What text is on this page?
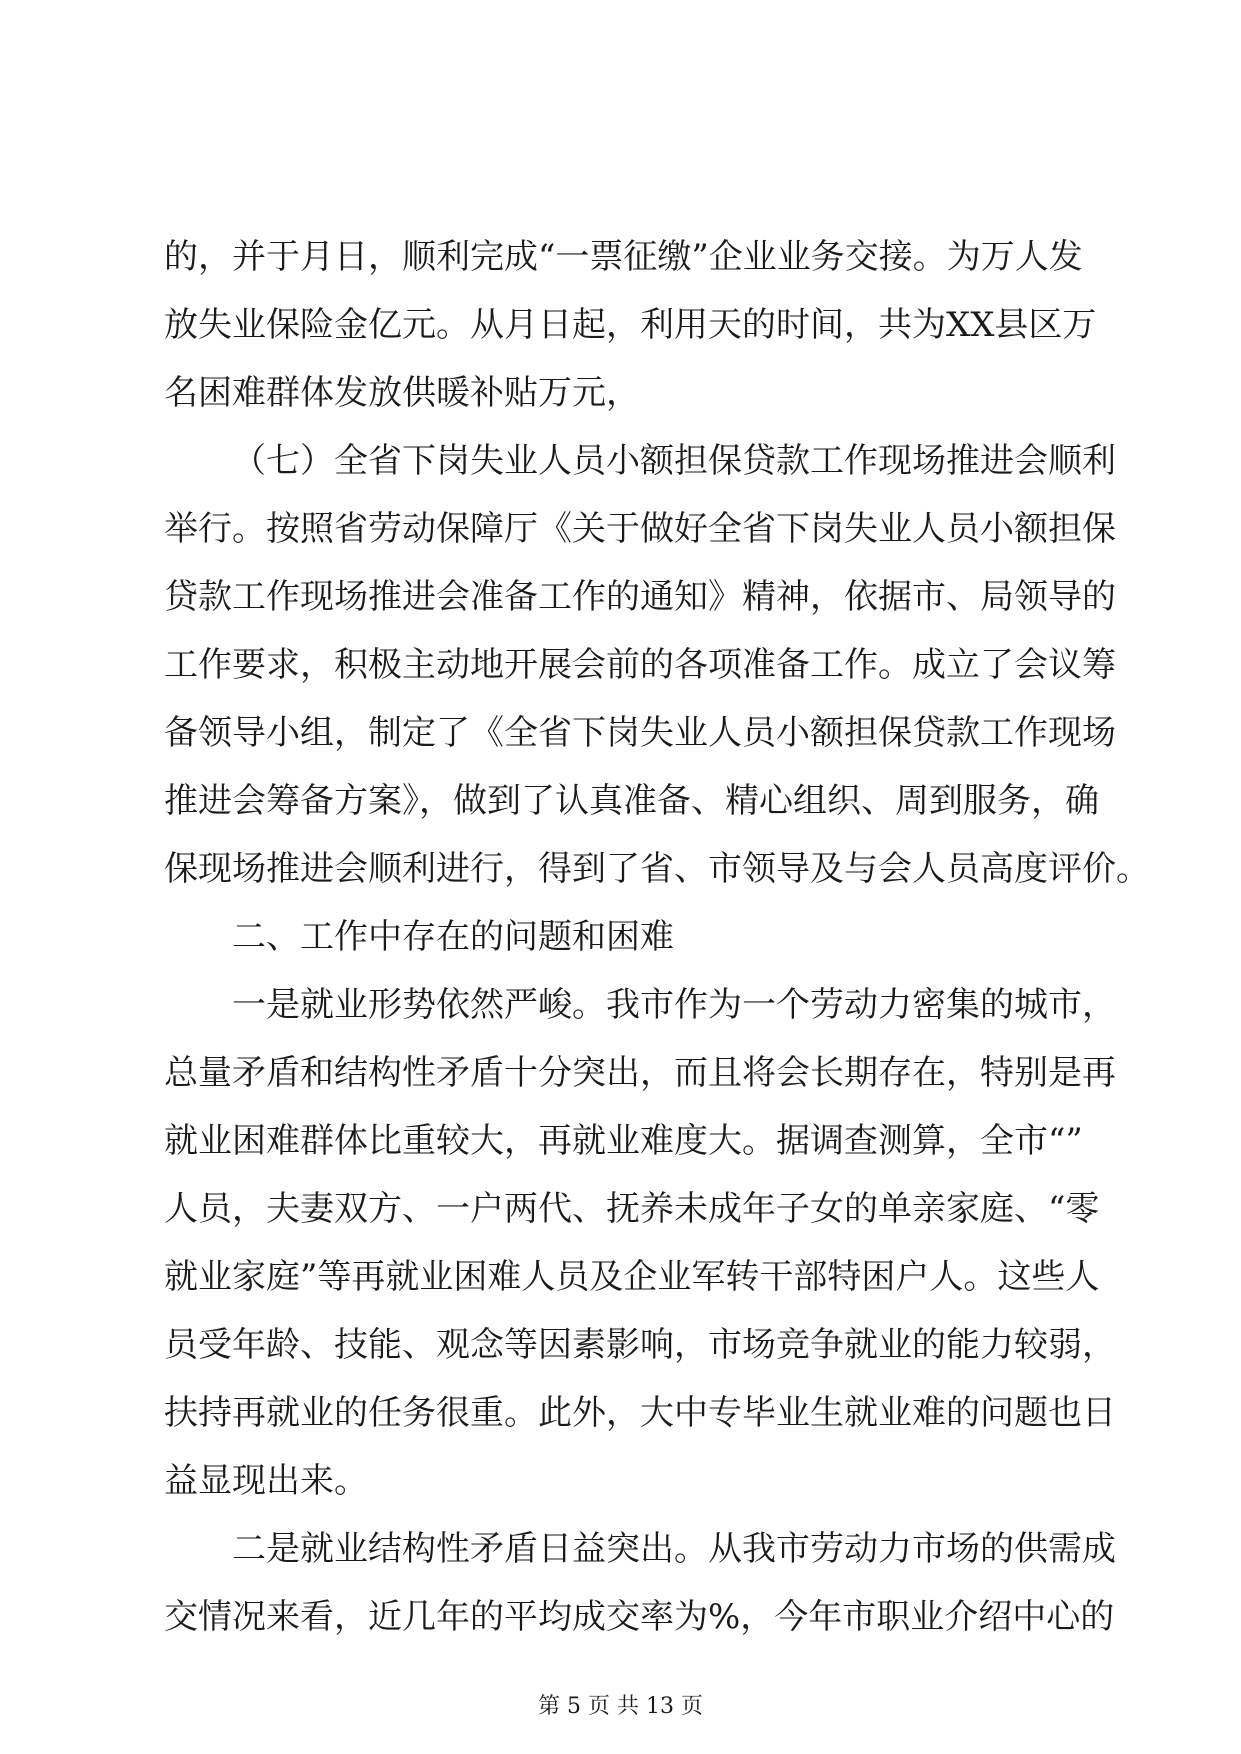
的，并于月日，顺利完成“一票征缴”企业业务交接。为万人发
放失业保险金亿元。从月日起，利用天的时间，共为XX县区万
名困难群体发放供暖补贴万元，
（七）全省下岗失业人员小额担保贷款工作现场推进会顺利
举行。按照省劳动保障厅《关于做好全省下岗失业人员小额担保
贷款工作现场推进会准备工作的通知》精神，依据市、局领导的
工作要求，积极主动地开展会前的各项准备工作。成立了会议筹
备领导小组，制定了《全省下岗失业人员小额担保贷款工作现场
推进会筹备方案》，做到了认真准备、精心组织、周到服务，确
保现场推进会顺利进行，得到了省、市领导及与会人员高度评价。
二、工作中存在的问题和困难
一是就业形势依然严峻。我市作为一个劳动力密集的城市，
总量矛盾和结构性矛盾十分突出，而且将会长期存在，特别是再
就业困难群体比重较大，再就业难度大。据调查测算，全市“”
人员，夫妻双方、一户两代、抚养未成年子女的单亲家庭、“零
就业家庭”等再就业困难人员及企业军转干部特困户人。这些人
员受年龄、技能、观念等因素影响，市场竞争就业的能力较弱，
扶持再就业的任务很重。此外，大中专毕业生就业难的问题也日
益显现出来。
二是就业结构性矛盾日益突出。从我市劳动力市场的供需成
交情况来看，近几年的平均成交率为%，今年市职业介绍中心的
第 5 页 共 13 页
